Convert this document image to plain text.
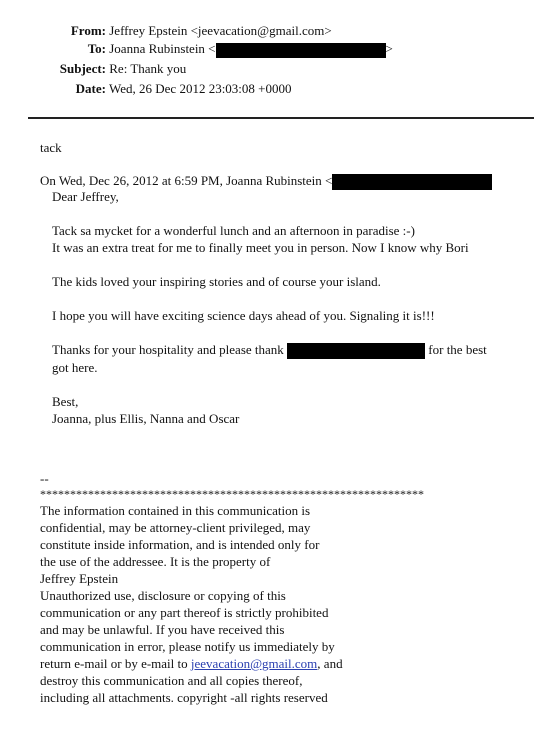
From: Jeffrey Epstein <jeevacation@gmail.com>
To: Joanna Rubinstein <	>
Subject: Re: Thank you
Date: Wed, 26 Dec 2012 23:03:08 +0000
tack
On Wed, Dec 26, 2012 at 6:59 PM, Joanna Rubinstein <

Dear Jeffrey,

Tack sa mycket for a wonderful lunch and an afternoon in paradise :-)

It was an extra treat for me to finally meet you in person. Now I know why Bori

The kids loved your inspiring stories and of course your island.

I hope you will have exciting science days ahead of you. Signaling it is!!!

Thanks for your hospitality and please thank	for the best

got here.

Best,

Joanna, plus Ellis, Nanna and Oscar

--
****************************************************************
The information contained in this communication is
confidential, may be attorney-client privileged, may
constitute inside information, and is intended only for
the use of the addressee. It is the property of
Jeffrey Epstein
Unauthorized use, disclosure or copying of this
communication or any part thereof is strictly prohibited
and may be unlawful. If you have received this
communication in error, please notify us immediately by
return e-mail or by e-mail to jeevacation@gmail.com, and
destroy this communication and all copies thereof,
including all attachments. copyright -all rights reserved
